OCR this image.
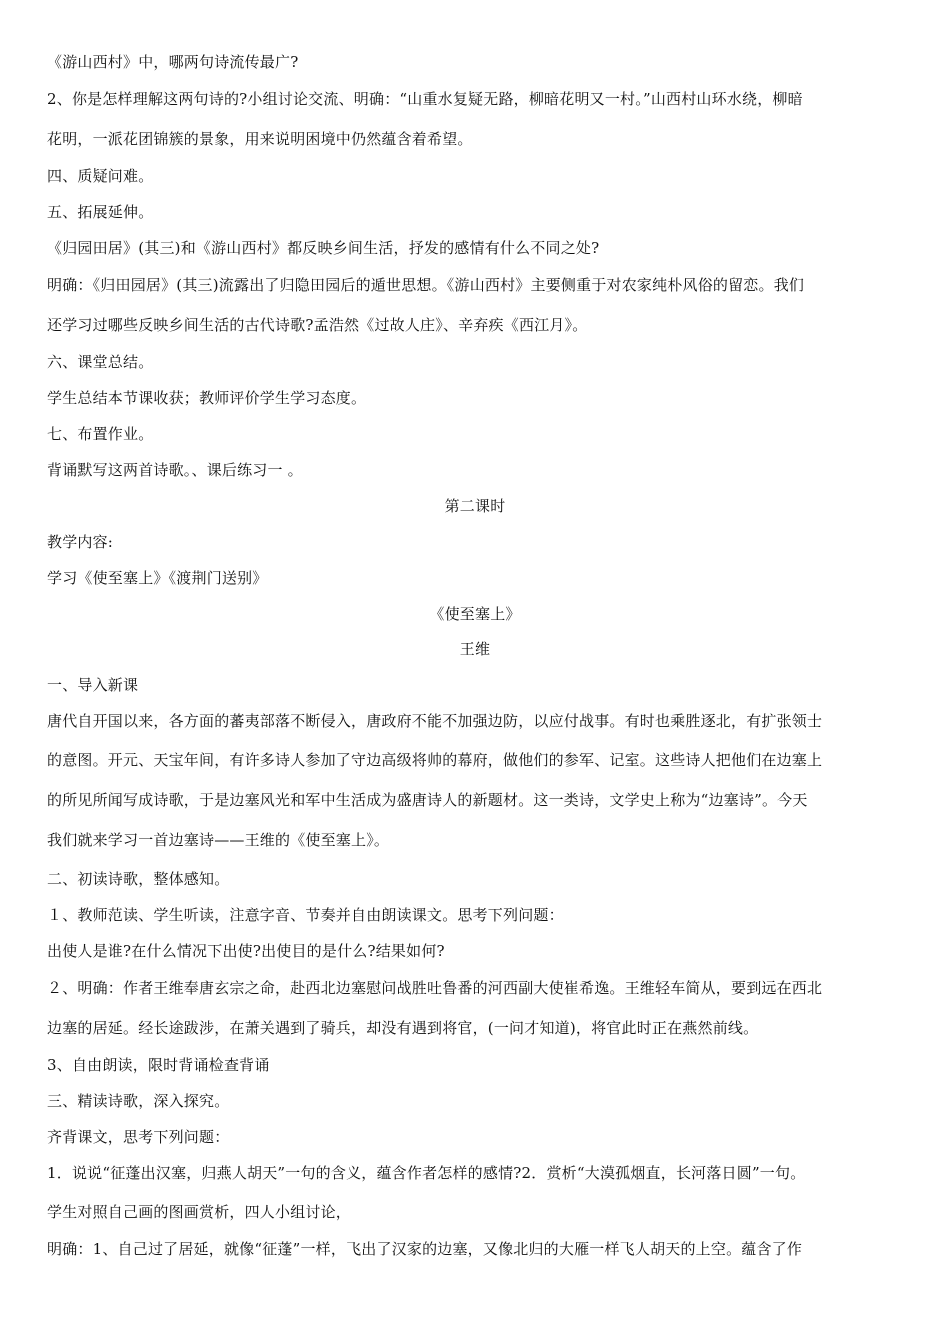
《游山西村》中，哪两句诗流传最广?
2、你是怎样理解这两句诗的?小组讨论交流、明确：“山重水复疑无路，柳暗花明又一村。”山西村山环水绕，柳暗
花明，一派花团锦簇的景象，用来说明困境中仍然蕴含着希望。
四、质疑问难。
五、拓展延伸。
《归园田居》(其三)和《游山西村》都反映乡间生活，抒发的感情有什么不同之处?
明确：《归田园居》(其三)流露出了归隐田园后的遁世思想。《游山西村》主要侧重于对农家纯朴风俗的留恋。我们
还学习过哪些反映乡间生活的古代诗歌?孟浩然《过故人庄》、辛弃疾《西江月》。
六、课堂总结。
学生总结本节课收获；教师评价学生学习态度。
七、布置作业。
背诵默写这两首诗歌。、课后练习一 。
第二课时
教学内容:
学习《使至塞上》《渡荆门送别》
《使至塞上》
王维
一、导入新课
唐代自开国以来，各方面的蕃夷部落不断侵入，唐政府不能不加强边防，以应付战事。有时也乘胜逐北，有扩张领士
的意图。开元、天宝年间，有许多诗人参加了守边高级将帅的幕府，做他们的参军、记室。这些诗人把他们在边塞上
的所见所闻写成诗歌，于是边塞风光和军中生活成为盛唐诗人的新题材。这一类诗，文学史上称为“边塞诗”。今天
我们就来学习一首边塞诗——王维的《使至塞上》。
二、初读诗歌，整体感知。
１、教师范读、学生听读，注意字音、节奏并自由朗读课文。思考下列问题：
出使人是谁?在什么情况下出使?出使目的是什么?结果如何?
２、明确：作者王维奉唐玄宗之命，赴西北边塞慰问战胜吐鲁番的河西副大使崔希逸。王维轻车简从，要到远在西北
边塞的居延。经长途跋涉，在萧关遇到了骑兵，却没有遇到将官，(一问才知道)，将官此时正在燕然前线。
3、自由朗读，限时背诵检查背诵
三、精读诗歌，深入探究。
齐背课文，思考下列问题：
1．说说“征蓬出汉塞，归燕人胡天”一句的含义，蕴含作者怎样的感情?2．赏析“大漠孤烟直，长河落日圆”一句。
学生对照自己画的图画赏析，四人小组讨论，
明确：1、自己过了居延，就像“征蓬”一样，飞出了汉家的边塞，又像北归的大雁一样飞人胡天的上空。蕴含了作
